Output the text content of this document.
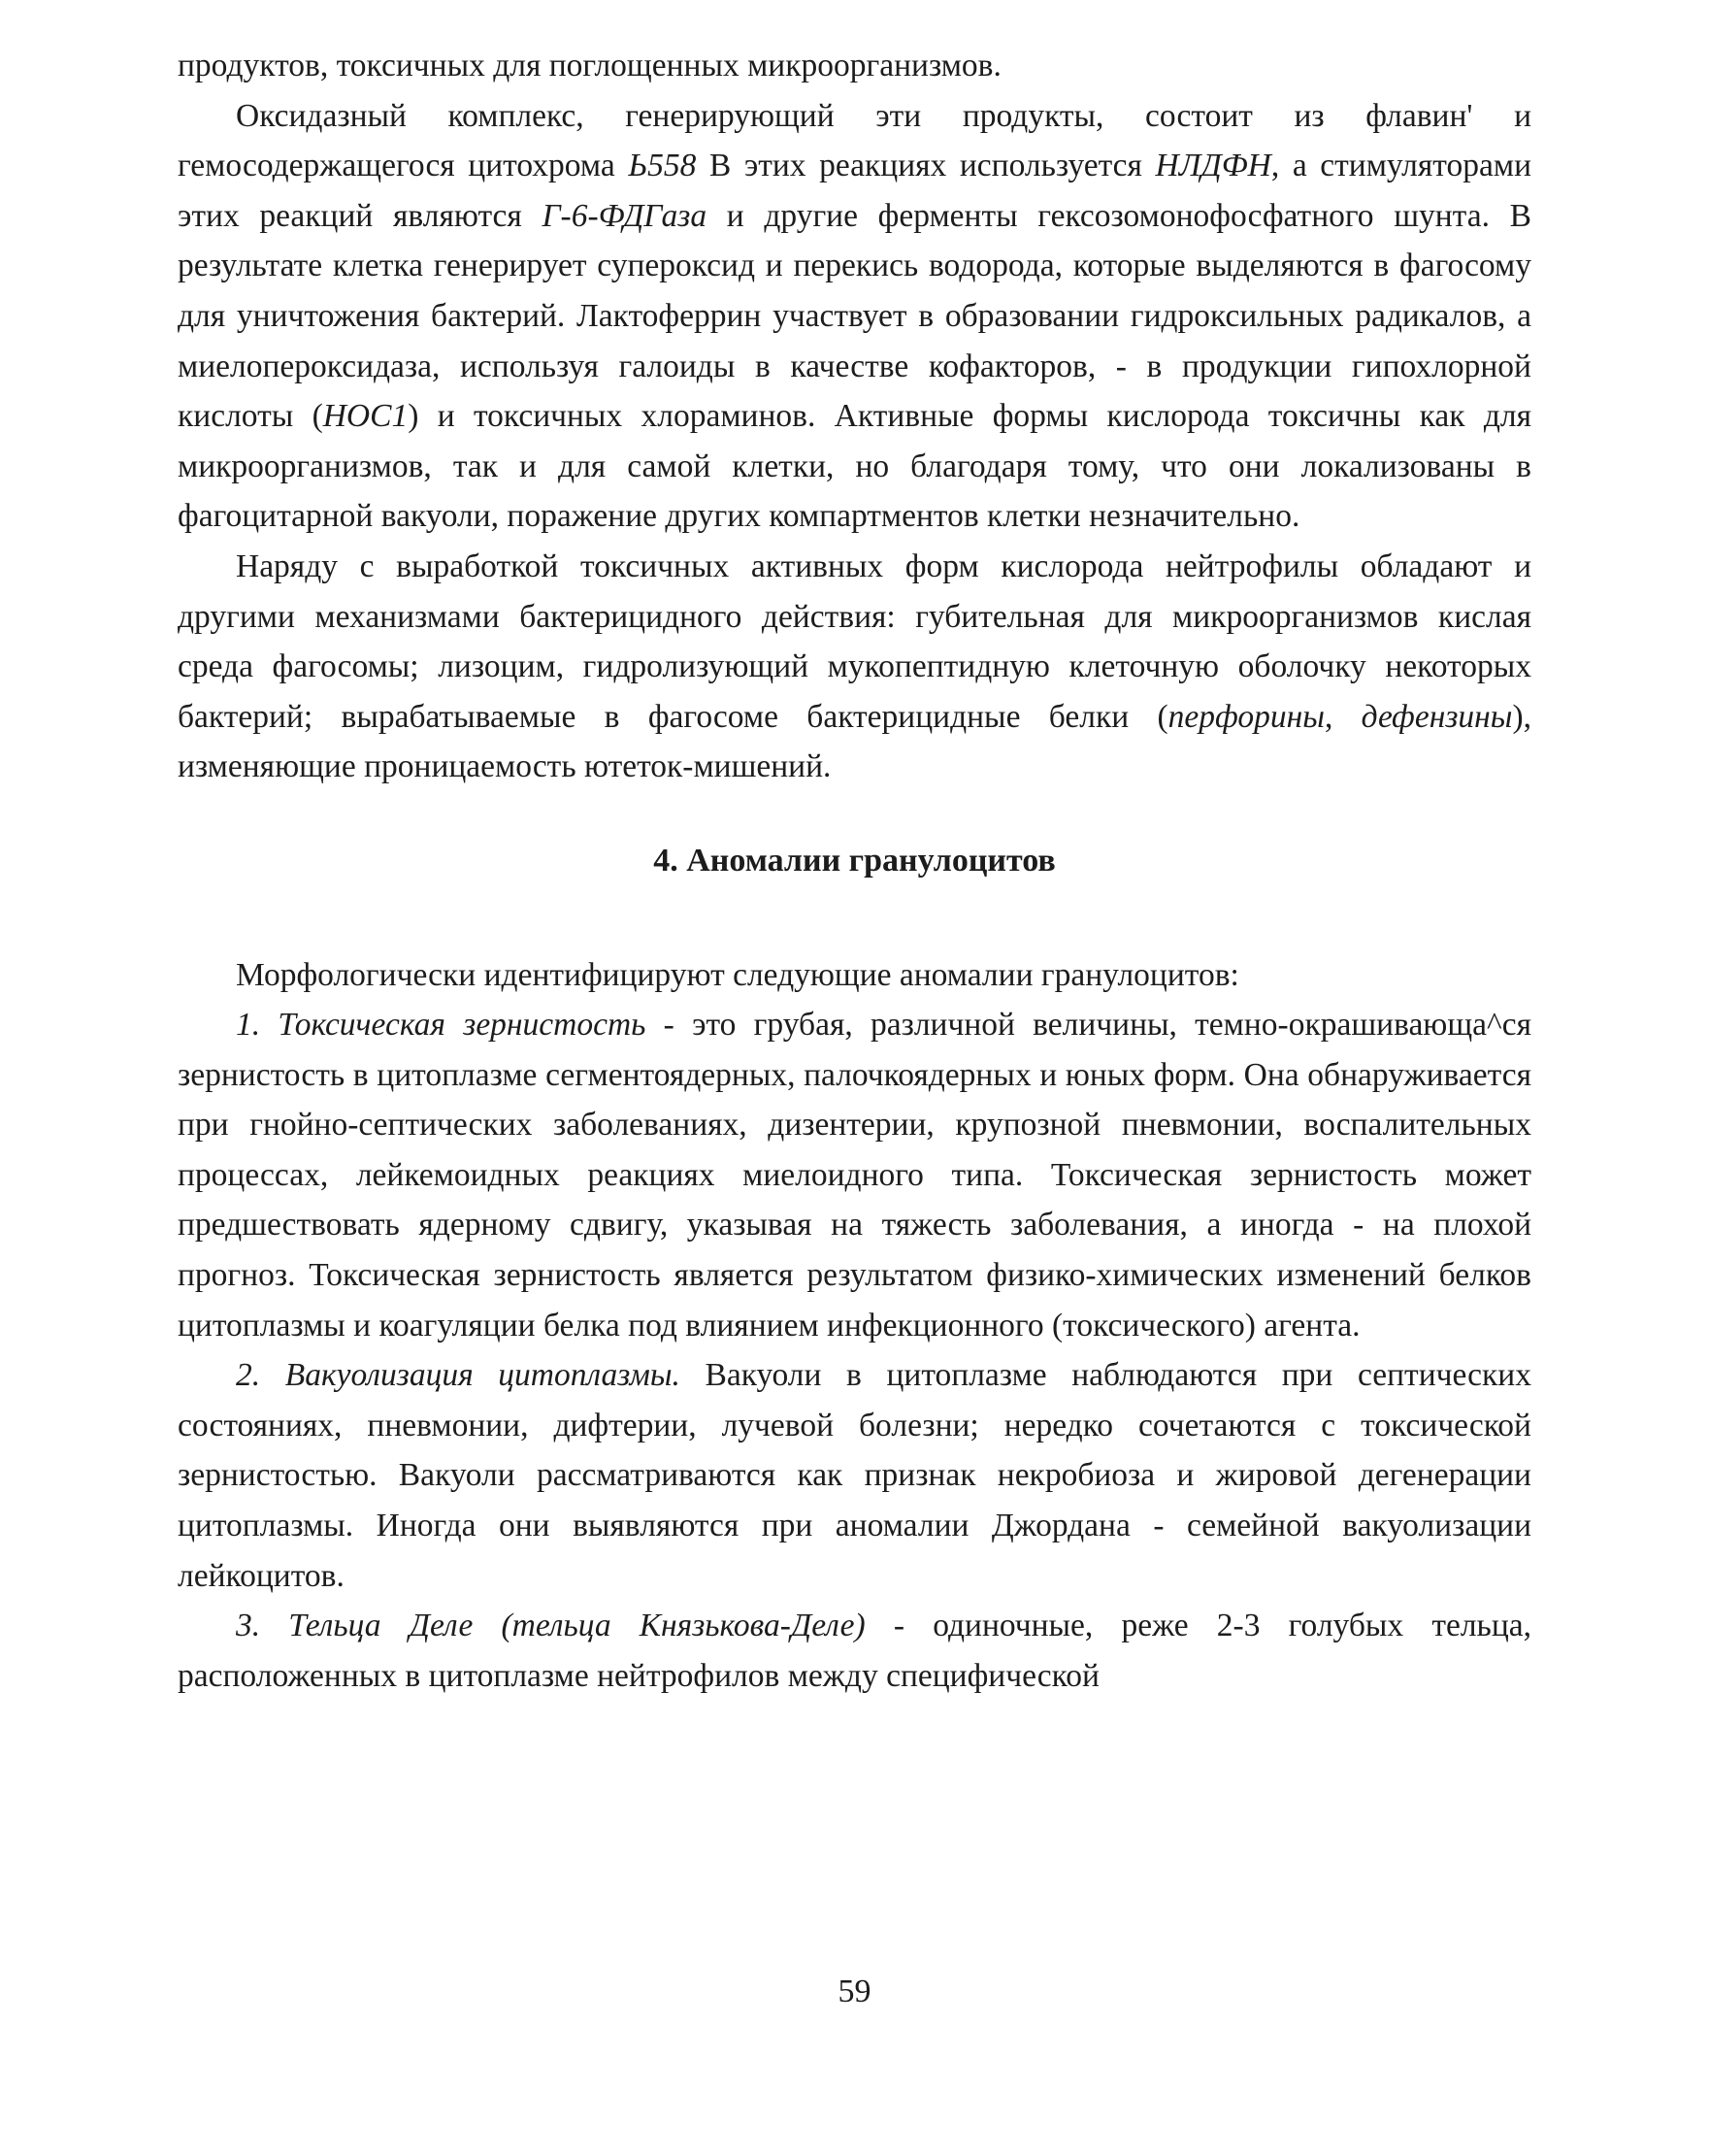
продуктов, токсичных для поглощенных микроорганизмов.

Оксидазный комплекс, генерирующий эти продукты, состоит из флавин' и гемосодержащегося цитохрома Ь558 В этих реакциях используется НЛДФН, а стимуляторами этих реакций являются Г-6-ФДГаза и другие ферменты гексозомонофосфатного шунта. В результате клетка генерирует супероксид и перекись водорода, которые выделяются в фагосому для уничтожения бактерий. Лактоферрин участвует в образовании гидроксильных радикалов, а миелопероксидаза, используя галоиды в качестве кофакторов, - в продукции гипохлорной кислоты (НОС1) и токсичных хлораминов. Активные формы кислорода токсичны как для микроорганизмов, так и для самой клетки, но благодаря тому, что они локализованы в фагоцитарной вакуоли, поражение других компартментов клетки незначительно.

Наряду с выработкой токсичных активных форм кислорода нейтрофилы обладают и другими механизмами бактерицидного действия: губительная для микроорганизмов кислая среда фагосомы; лизоцим, гидролизующий мукопептидную клеточную оболочку некоторых бактерий; вырабатываемые в фагосоме бактерицидные белки (перфорины, дефензины), изменяющие проницаемость ютеток-мишений.

4. Аномалии гранулоцитов

Морфологически идентифицируют следующие аномалии гранулоцитов:

1. Токсическая зернистость - это грубая, различной величины, темно-окрашивающа^ся зернистость в цитоплазме сегментоядерных, палочкоядерных и юных форм. Она обнаруживается при гнойно-септических заболеваниях, дизентерии, крупозной пневмонии, воспалительных процессах, лейкемоидных реакциях миелоидного типа. Токсическая зернистость может предшествовать ядерному сдвигу, указывая на тяжесть заболевания, а иногда - на плохой прогноз. Токсическая зернистость является результатом физико-химических изменений белков цитоплазмы и коагуляции белка под влиянием инфекционного (токсического) агента.

2. Вакуолизация цитоплазмы. Вакуоли в цитоплазме наблюдаются при септических состояниях, пневмонии, дифтерии, лучевой болезни; нередко сочетаются с токсической зернистостью. Вакуоли рассматриваются как признак некробиоза и жировой дегенерации цитоплазмы. Иногда они выявляются при аномалии Джордана - семейной вакуолизации лейкоцитов.

3. Тельца Деле (тельца Князькова-Деле) - одиночные, реже 2-3 голубых тельца, расположенных в цитоплазме нейтрофилов между специфической

59
